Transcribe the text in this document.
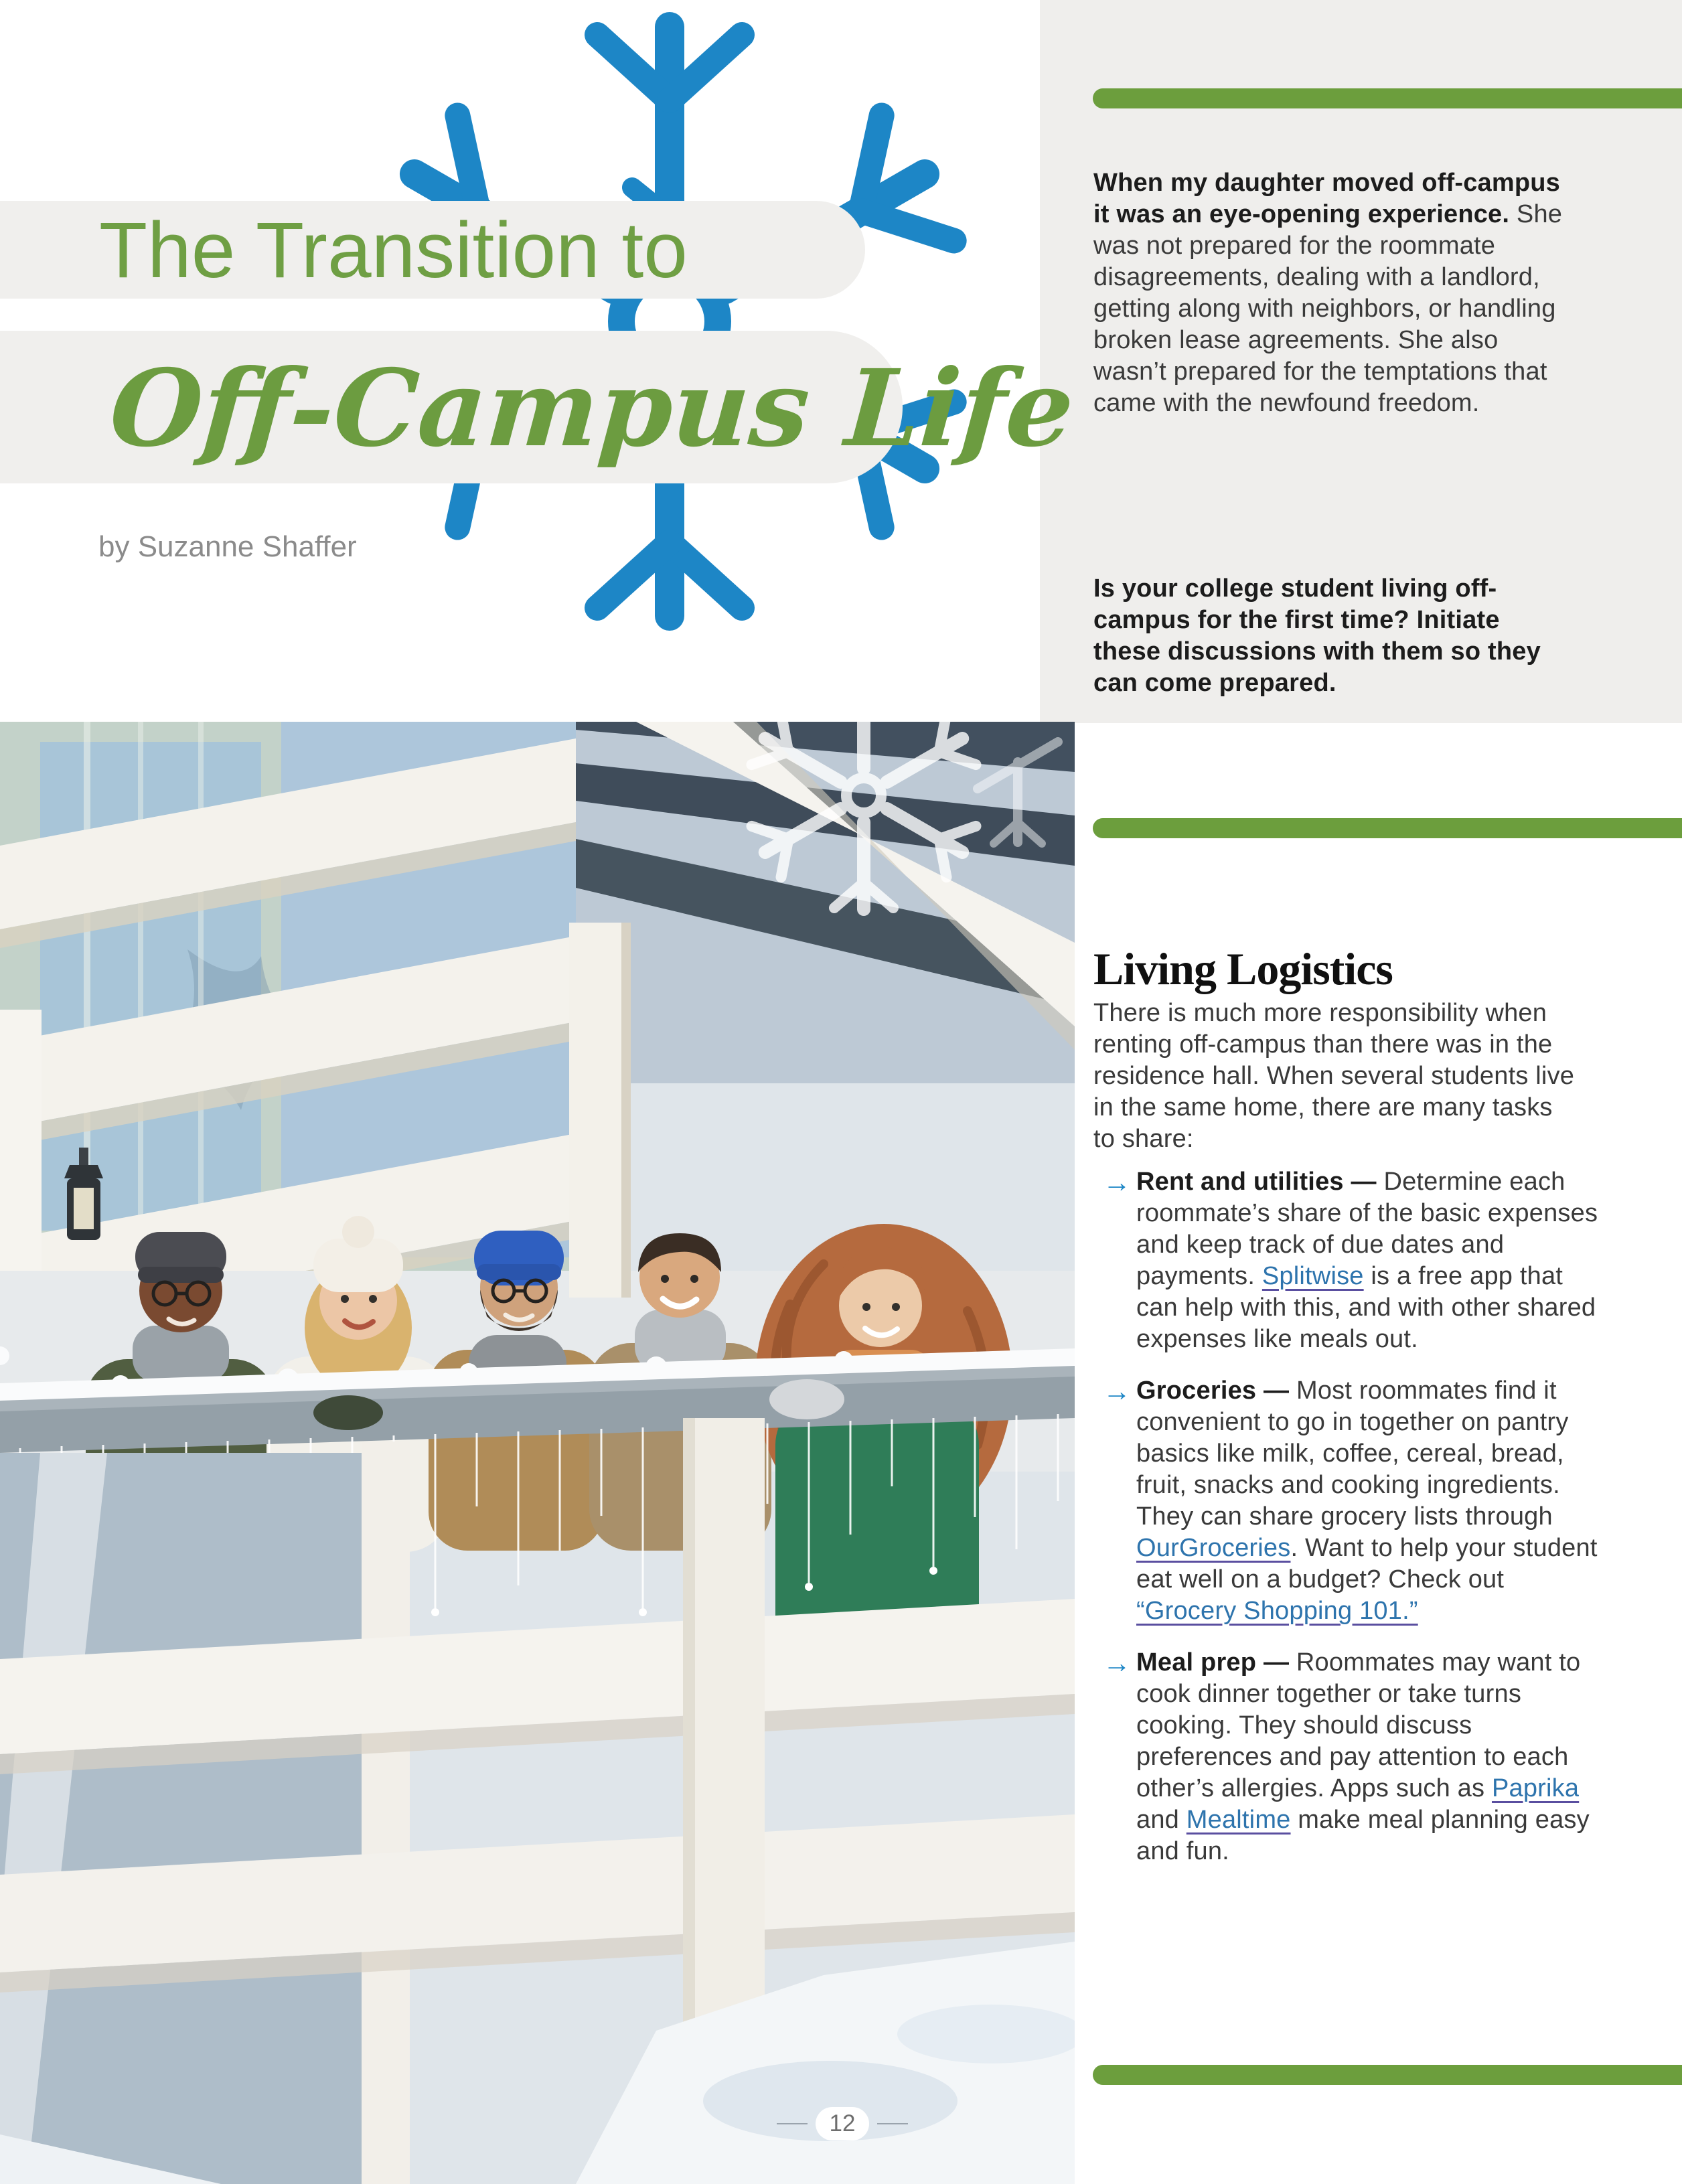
The Transition to
Off-Campus Life
by Suzanne Shaffer

When my daughter moved off-campus it was an eye-opening experience. She was not prepared for the roommate disagreements, dealing with a landlord, getting along with neighbors, or handling broken lease agreements. She also wasn’t prepared for the temptations that came with the newfound freedom.

Is your college student living off-campus for the first time? Initiate these discussions with them so they can come prepared.

Living Logistics

There is much more responsibility when renting off-campus than there was in the residence hall. When several students live in the same home, there are many tasks to share:

→ Rent and utilities — Determine each roommate’s share of the basic expenses and keep track of due dates and payments. Splitwise is a free app that can help with this, and with other shared expenses like meals out.
→ Groceries — Most roommates find it convenient to go in together on pantry basics like milk, coffee, cereal, bread, fruit, snacks and cooking ingredients. They can share grocery lists through OurGroceries. Want to help your student eat well on a budget? Check out “Grocery Shopping 101.”
→ Meal prep — Roommates may want to cook dinner together or take turns cooking. They should discuss preferences and pay attention to each other’s allergies. Apps such as Paprika and Mealtime make meal planning easy and fun.
12
